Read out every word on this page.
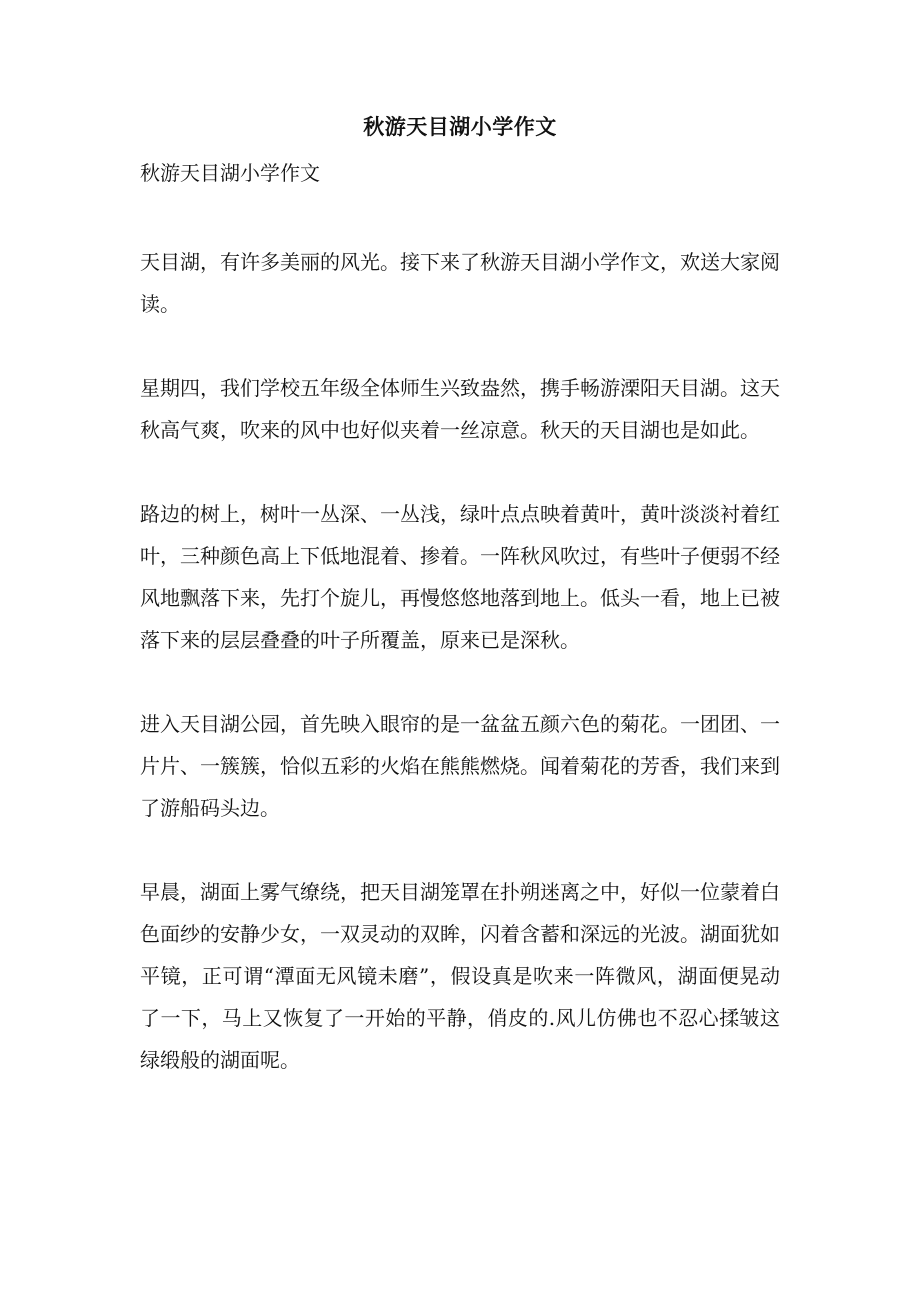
秋游天目湖小学作文
秋游天目湖小学作文

天目湖，有许多美丽的风光。接下来了秋游天目湖小学作文，欢送大家阅读。

星期四，我们学校五年级全体师生兴致盎然，携手畅游溧阳天目湖。这天秋高气爽，吹来的风中也好似夹着一丝凉意。秋天的天目湖也是如此。

路边的树上，树叶一丛深、一丛浅，绿叶点点映着黄叶，黄叶淡淡衬着红叶，三种颜色高上下低地混着、掺着。一阵秋风吹过，有些叶子便弱不经风地飘落下来，先打个旋儿，再慢悠悠地落到地上。低头一看，地上已被落下来的层层叠叠的叶子所覆盖，原来已是深秋。

进入天目湖公园，首先映入眼帘的是一盆盆五颜六色的菊花。一团团、一片片、一簇簇，恰似五彩的火焰在熊熊燃烧。闻着菊花的芳香，我们来到了游船码头边。

早晨，湖面上雾气缭绕，把天目湖笼罩在扑朔迷离之中，好似一位蒙着白色面纱的安静少女，一双灵动的双眸，闪着含蓄和深远的光波。湖面犹如平镜，正可谓“潭面无风镜未磨”，假设真是吹来一阵微风，湖面便晃动了一下，马上又恢复了一开始的平静，俏皮的.风儿仿佛也不忍心揉皱这绿缎般的湖面呢。
